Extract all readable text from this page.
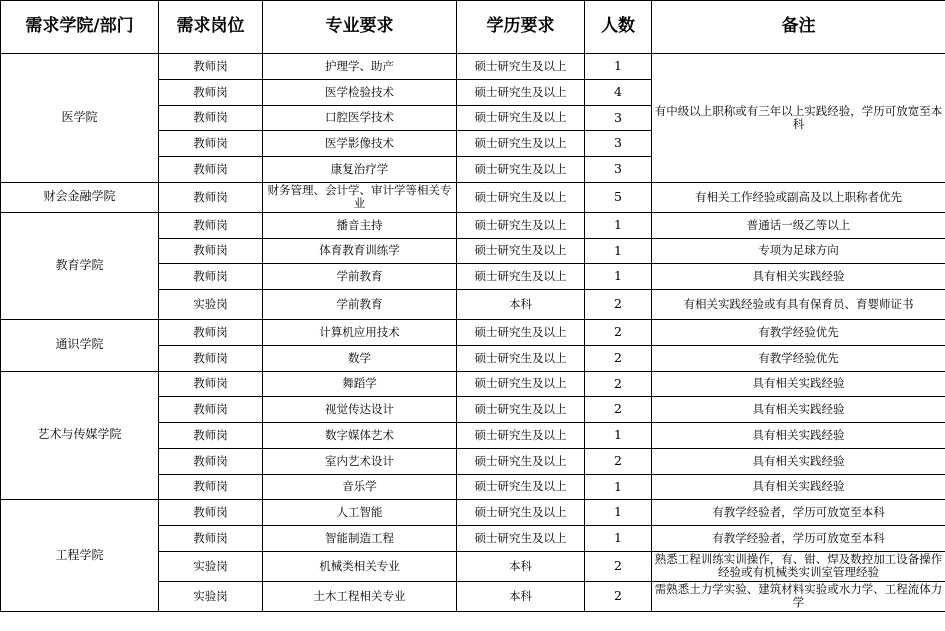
需求学院/部门	需求岗位	专业要求	学历要求	人数	备注
医学院	教师岗	护理学、助产	硕士研究生及以上	1	有中级以上职称或有三年以上实践经验，学历可放宽至本科
	教师岗	医学检验技术	硕士研究生及以上	4	
	教师岗	口腔医学技术	硕士研究生及以上	3	
	教师岗	医学影像技术	硕士研究生及以上	3	
	教师岗	康复治疗学	硕士研究生及以上	3	
财会金融学院	教师岗	财务管理、会计学、审计学等相关专业	硕士研究生及以上	5	有相关工作经验或副高及以上职称者优先
教育学院	教师岗	播音主持	硕士研究生及以上	1	普通话一级乙等以上
	教师岗	体育教育训练学	硕士研究生及以上	1	专项为足球方向
	教师岗	学前教育	硕士研究生及以上	1	具有相关实践经验
	实验岗	学前教育	本科	2	有相关实践经验或有具有保育员、育婴师证书
通识学院	教师岗	计算机应用技术	硕士研究生及以上	2	有教学经验优先
	教师岗	数学	硕士研究生及以上	2	有教学经验优先
艺术与传媒学院	教师岗	舞蹈学	硕士研究生及以上	2	具有相关实践经验
	教师岗	视觉传达设计	硕士研究生及以上	2	具有相关实践经验
	教师岗	数字媒体艺术	硕士研究生及以上	1	具有相关实践经验
	教师岗	室内艺术设计	硕士研究生及以上	2	具有相关实践经验
	教师岗	音乐学	硕士研究生及以上	1	具有相关实践经验
工程学院	教师岗	人工智能	硕士研究生及以上	1	有教学经验者，学历可放宽至本科
	教师岗	智能制造工程	硕士研究生及以上	1	有教学经验者，学历可放宽至本科
	实验岗	机械类相关专业	本科	2	熟悉工程训练实训操作，有、钳、焊及数控加工设备操作经验或有机械类实训室管理经验
	实验岗	土木工程相关专业	本科	2	需熟悉土力学实验、建筑材料实验或水力学、工程流体力学
